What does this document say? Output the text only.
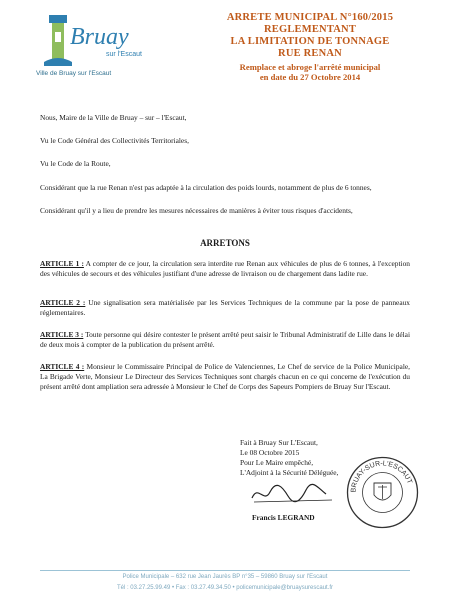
Bruay
sur l'Escaut
Ville de Bruay sur l'Escaut
ARRETE MUNICIPAL N°160/2015
REGLEMENTANT
LA LIMITATION DE TONNAGE
RUE RENAN
Remplace et abroge l'arrêté municipal
en date du 27 Octobre 2014
Nous, Maire de la Ville de Bruay – sur – l'Escaut,
Vu le Code Général des Collectivités Territoriales,
Vu le Code de la Route,
Considérant que la rue Renan n'est pas adaptée à la circulation des poids lourds, notamment de plus de 6 tonnes,
Considérant qu'il y a lieu de prendre les mesures nécessaires de manières à éviter tous risques d'accidents,
ARRETONS
ARTICLE 1 : A compter de ce jour, la circulation sera interdite rue Renan aux véhicules de plus de 6 tonnes, à l'exception des véhicules de secours et des véhicules justifiant d'une adresse de livraison ou de chargement dans ladite rue.
ARTICLE 2 : Une signalisation sera matérialisée par les Services Techniques de la commune par la pose de panneaux réglementaires.
ARTICLE 3 : Toute personne qui désire contester le présent arrêté peut saisir le Tribunal Administratif de Lille dans le délai de deux mois à compter de la publication du présent arrêté.
ARTICLE 4 : Monsieur le Commissaire Principal de Police de Valenciennes, Le Chef de service de la Police Municipale, La Brigade Verte, Monsieur Le Directeur des Services Techniques sont chargés chacun en ce qui concerne de l'exécution du présent arrêté dont ampliation sera adressée à Monsieur le Chef de Corps des Sapeurs Pompiers de Bruay Sur l'Escaut.
Fait à Bruay Sur L'Escaut,
Le 08 Octobre 2015
Pour Le Maire empêché,
L'Adjoint à la Sécurité Déléguée,
Francis LEGRAND
BRUAY-SUR-L'ESCAUT
Police Municipale – 632 rue Jean Jaurès BP n°35 – 59860 Bruay sur l'Escaut
Tél : 03.27.25.99.49 • Fax : 03.27.49.34.50 • policemunicipale@bruaysurescaut.fr
